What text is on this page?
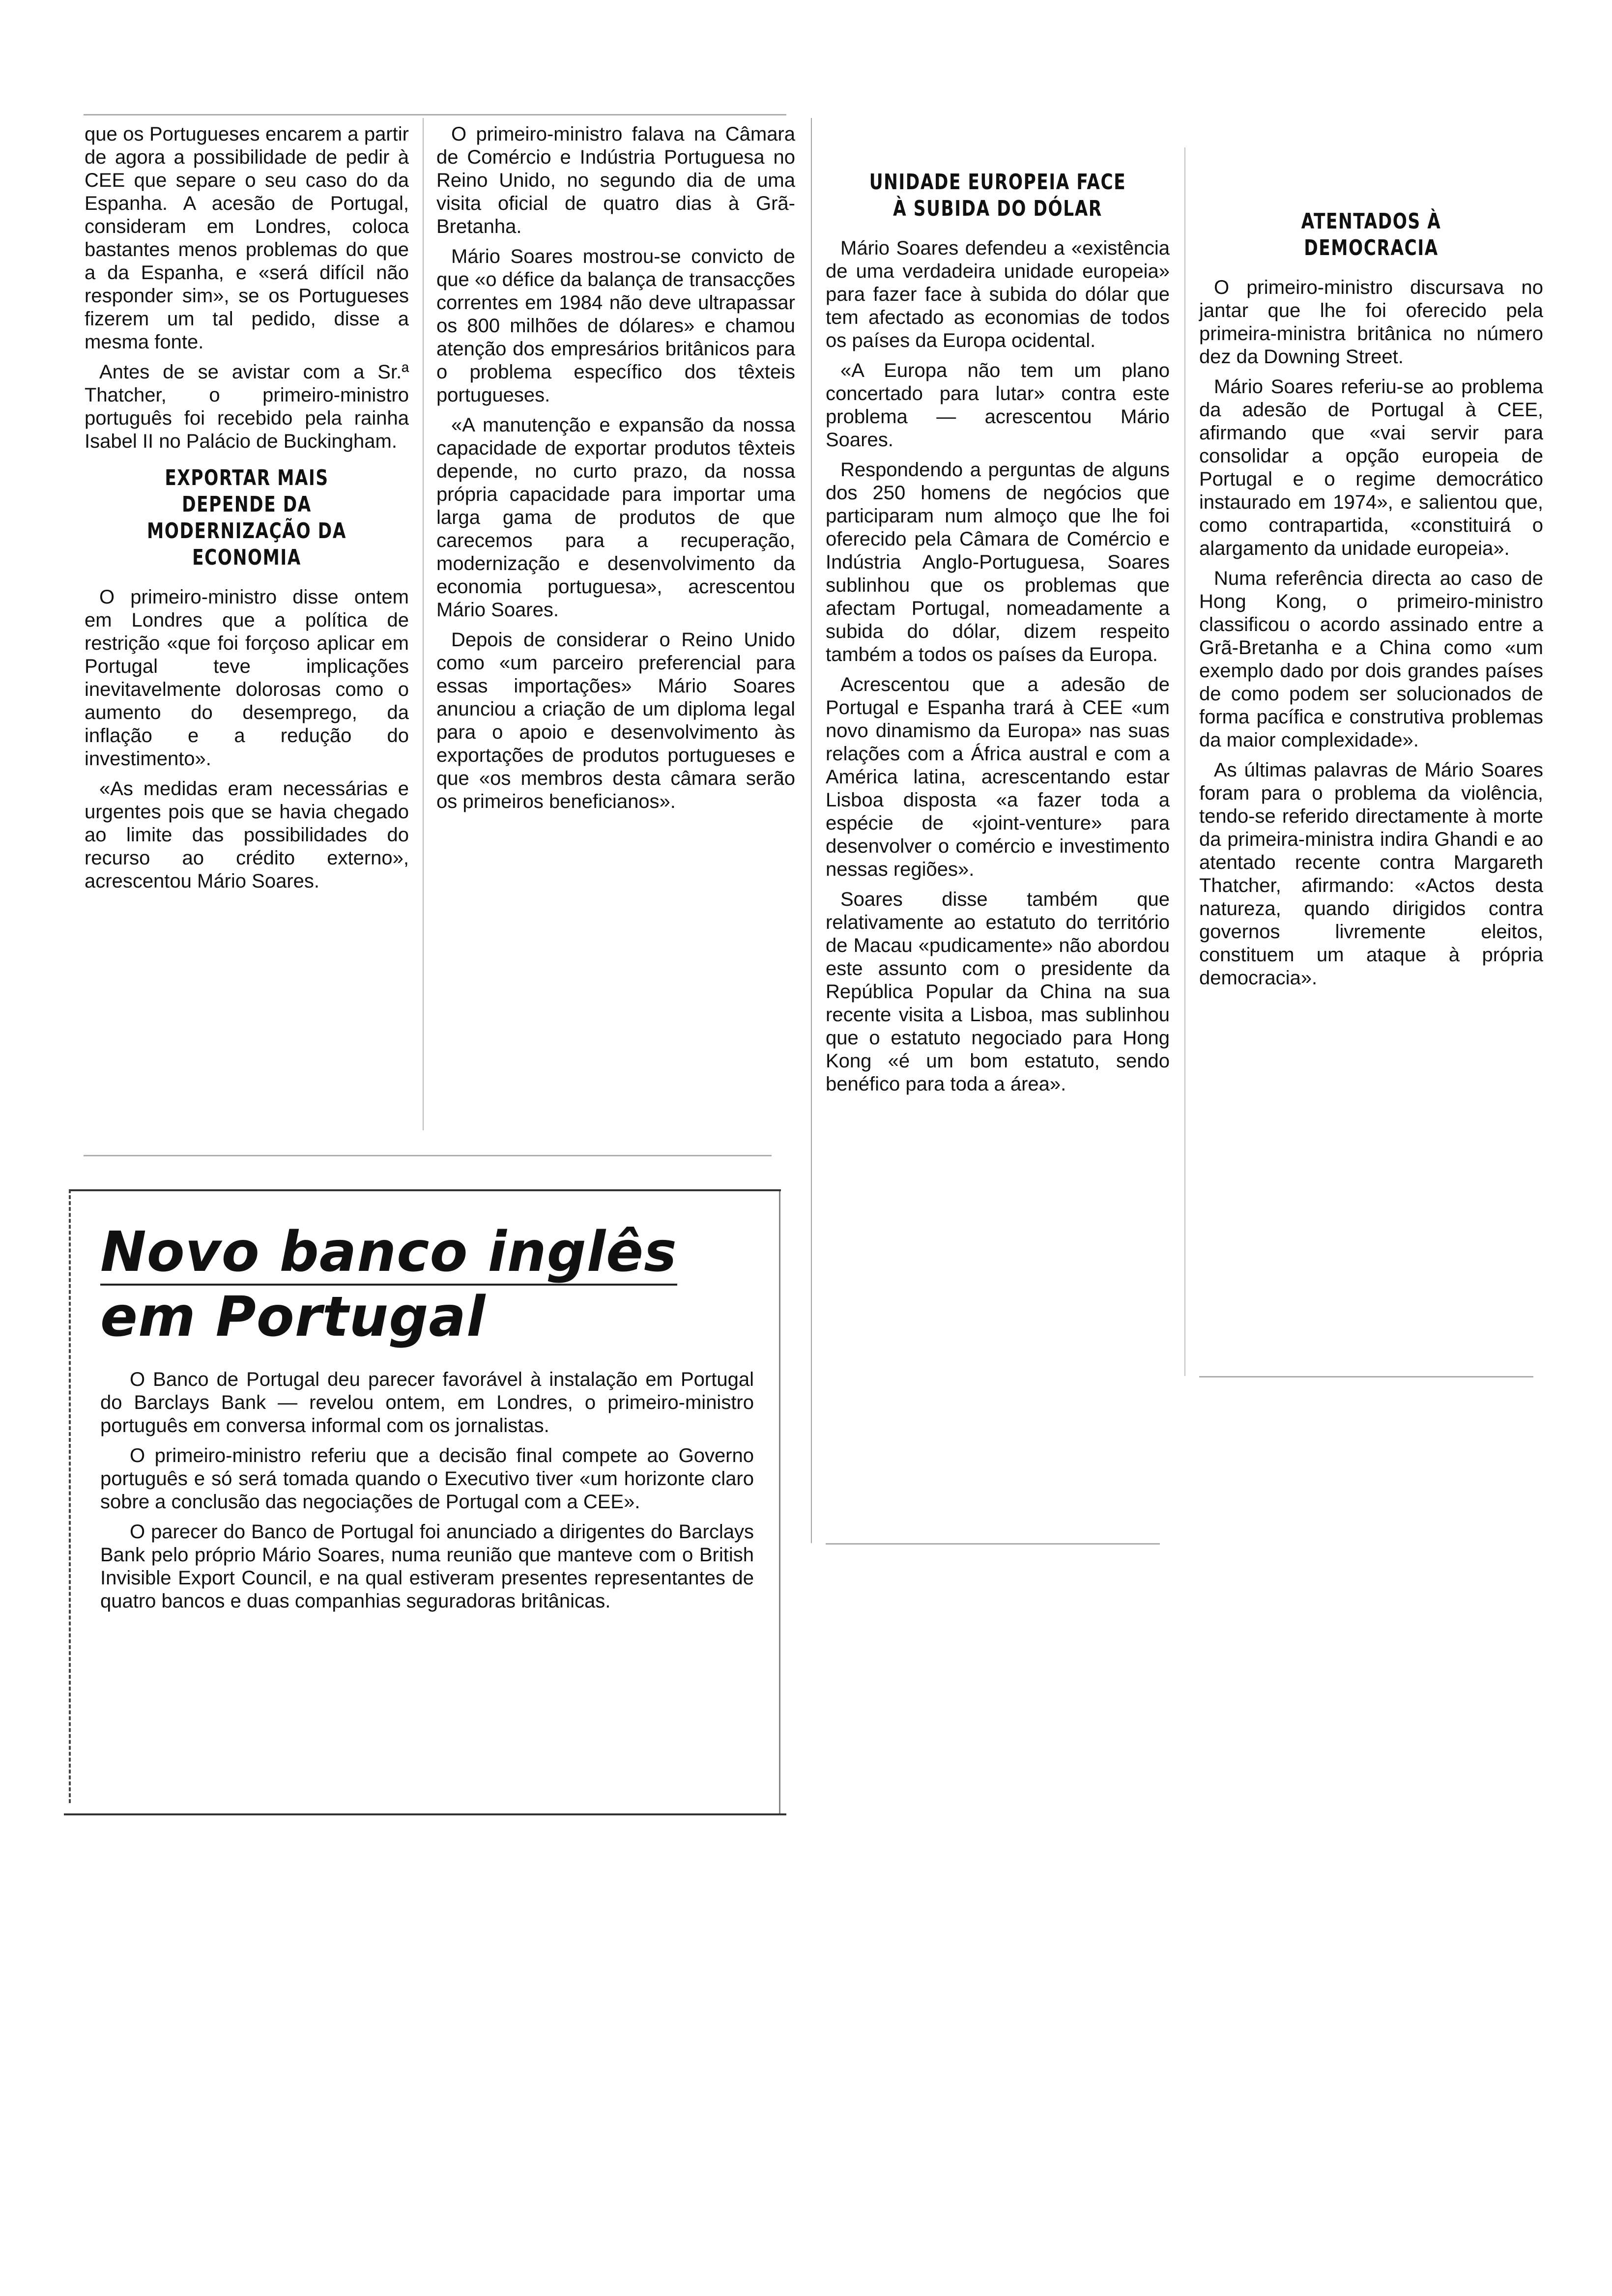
que os Portugueses encarem a partir de agora a possibilidade de pedir à CEE que separe o seu caso do da Espanha. A acesão de Portugal, consideram em Londres, coloca bastantes menos problemas do que a da Espanha, e «será difícil não responder sim», se os Portugueses fizerem um tal pedido, disse a mesma fonte.

Antes de se avistar com a Sr.ª Thatcher, o primeiro-ministro português foi recebido pela rainha Isabel II no Palácio de Buckingham.

EXPORTAR MAIS DEPENDE DA MODERNIZAÇÃO DA ECONOMIA

O primeiro-ministro disse ontem em Londres que a política de restrição «que foi forçoso aplicar em Portugal teve implicações inevitavelmente dolorosas como o aumento do desemprego, da inflação e a redução do investimento».

«As medidas eram necessárias e urgentes pois que se havia chegado ao limite das possibilidades do recurso ao crédito externo», acrescentou Mário Soares.

O primeiro-ministro falava na Câmara de Comércio e Indústria Portuguesa no Reino Unido, no segundo dia de uma visita oficial de quatro dias à Grã-Bretanha.

Mário Soares mostrou-se convicto de que «o défice da balança de transacções correntes em 1984 não deve ultrapassar os 800 milhões de dólares» e chamou atenção dos empresários britânicos para o problema específico dos têxteis portugueses.

«A manutenção e expansão da nossa capacidade de exportar produtos têxteis depende, no curto prazo, da nossa própria capacidade para importar uma larga gama de produtos de que carecemos para a recuperação, modernização e desenvolvimento da economia portuguesa», acrescentou Mário Soares.

Depois de considerar o Reino Unido como «um parceiro preferencial para essas importações» Mário Soares anunciou a criação de um diploma legal para o apoio e desenvolvimento às exportações de produtos portugueses e que «os membros desta câmara serão os primeiros beneficianos».

UNIDADE EUROPEIA FACE À SUBIDA DO DÓLAR

Mário Soares defendeu a «existência de uma verdadeira unidade europeia» para fazer face à subida do dólar que tem afectado as economias de todos os países da Europa ocidental.

«A Europa não tem um plano concertado para lutar» contra este problema — acrescentou Mário Soares.

Respondendo a perguntas de alguns dos 250 homens de negócios que participaram num almoço que lhe foi oferecido pela Câmara de Comércio e Indústria Anglo-Portuguesa, Soares sublinhou que os problemas que afectam Portugal, nomeadamente a subida do dólar, dizem respeito também a todos os países da Europa.

Acrescentou que a adesão de Portugal e Espanha trará à CEE «um novo dinamismo da Europa» nas suas relações com a África austral e com a América latina, acrescentando estar Lisboa disposta «a fazer toda a espécie de «joint-venture» para desenvolver o comércio e investimento nessas regiões».

Soares disse também que relativamente ao estatuto do território de Macau «pudicamente» não abordou este assunto com o presidente da República Popular da China na sua recente visita a Lisboa, mas sublinhou que o estatuto negociado para Hong Kong «é um bom estatuto, sendo benéfico para toda a área».

ATENTADOS À DEMOCRACIA

O primeiro-ministro discursava no jantar que lhe foi oferecido pela primeira-ministra britânica no número dez da Downing Street.

Mário Soares referiu-se ao problema da adesão de Portugal à CEE, afirmando que «vai servir para consolidar a opção europeia de Portugal e o regime democrático instaurado em 1974», e salientou que, como contrapartida, «constituirá o alargamento da unidade europeia».

Numa referência directa ao caso de Hong Kong, o primeiro-ministro classificou o acordo assinado entre a Grã-Bretanha e a China como «um exemplo dado por dois grandes países de como podem ser solucionados de forma pacífica e construtiva problemas da maior complexidade».

As últimas palavras de Mário Soares foram para o problema da violência, tendo-se referido directamente à morte da primeira-ministra indira Ghandi e ao atentado recente contra Margareth Thatcher, afirmando: «Actos desta natureza, quando dirigidos contra governos livremente eleitos, constituem um ataque à própria democracia».

Novo banco inglês
em Portugal

O Banco de Portugal deu parecer favorável à instalação em Portugal do Barclays Bank — revelou ontem, em Londres, o primeiro-ministro português em conversa informal com os jornalistas.

O primeiro-ministro referiu que a decisão final compete ao Governo português e só será tomada quando o Executivo tiver «um horizonte claro sobre a conclusão das negociações de Portugal com a CEE».

O parecer do Banco de Portugal foi anunciado a dirigentes do Barclays Bank pelo próprio Mário Soares, numa reunião que manteve com o British Invisible Export Council, e na qual estiveram presentes representantes de quatro bancos e duas companhias seguradoras britânicas.
